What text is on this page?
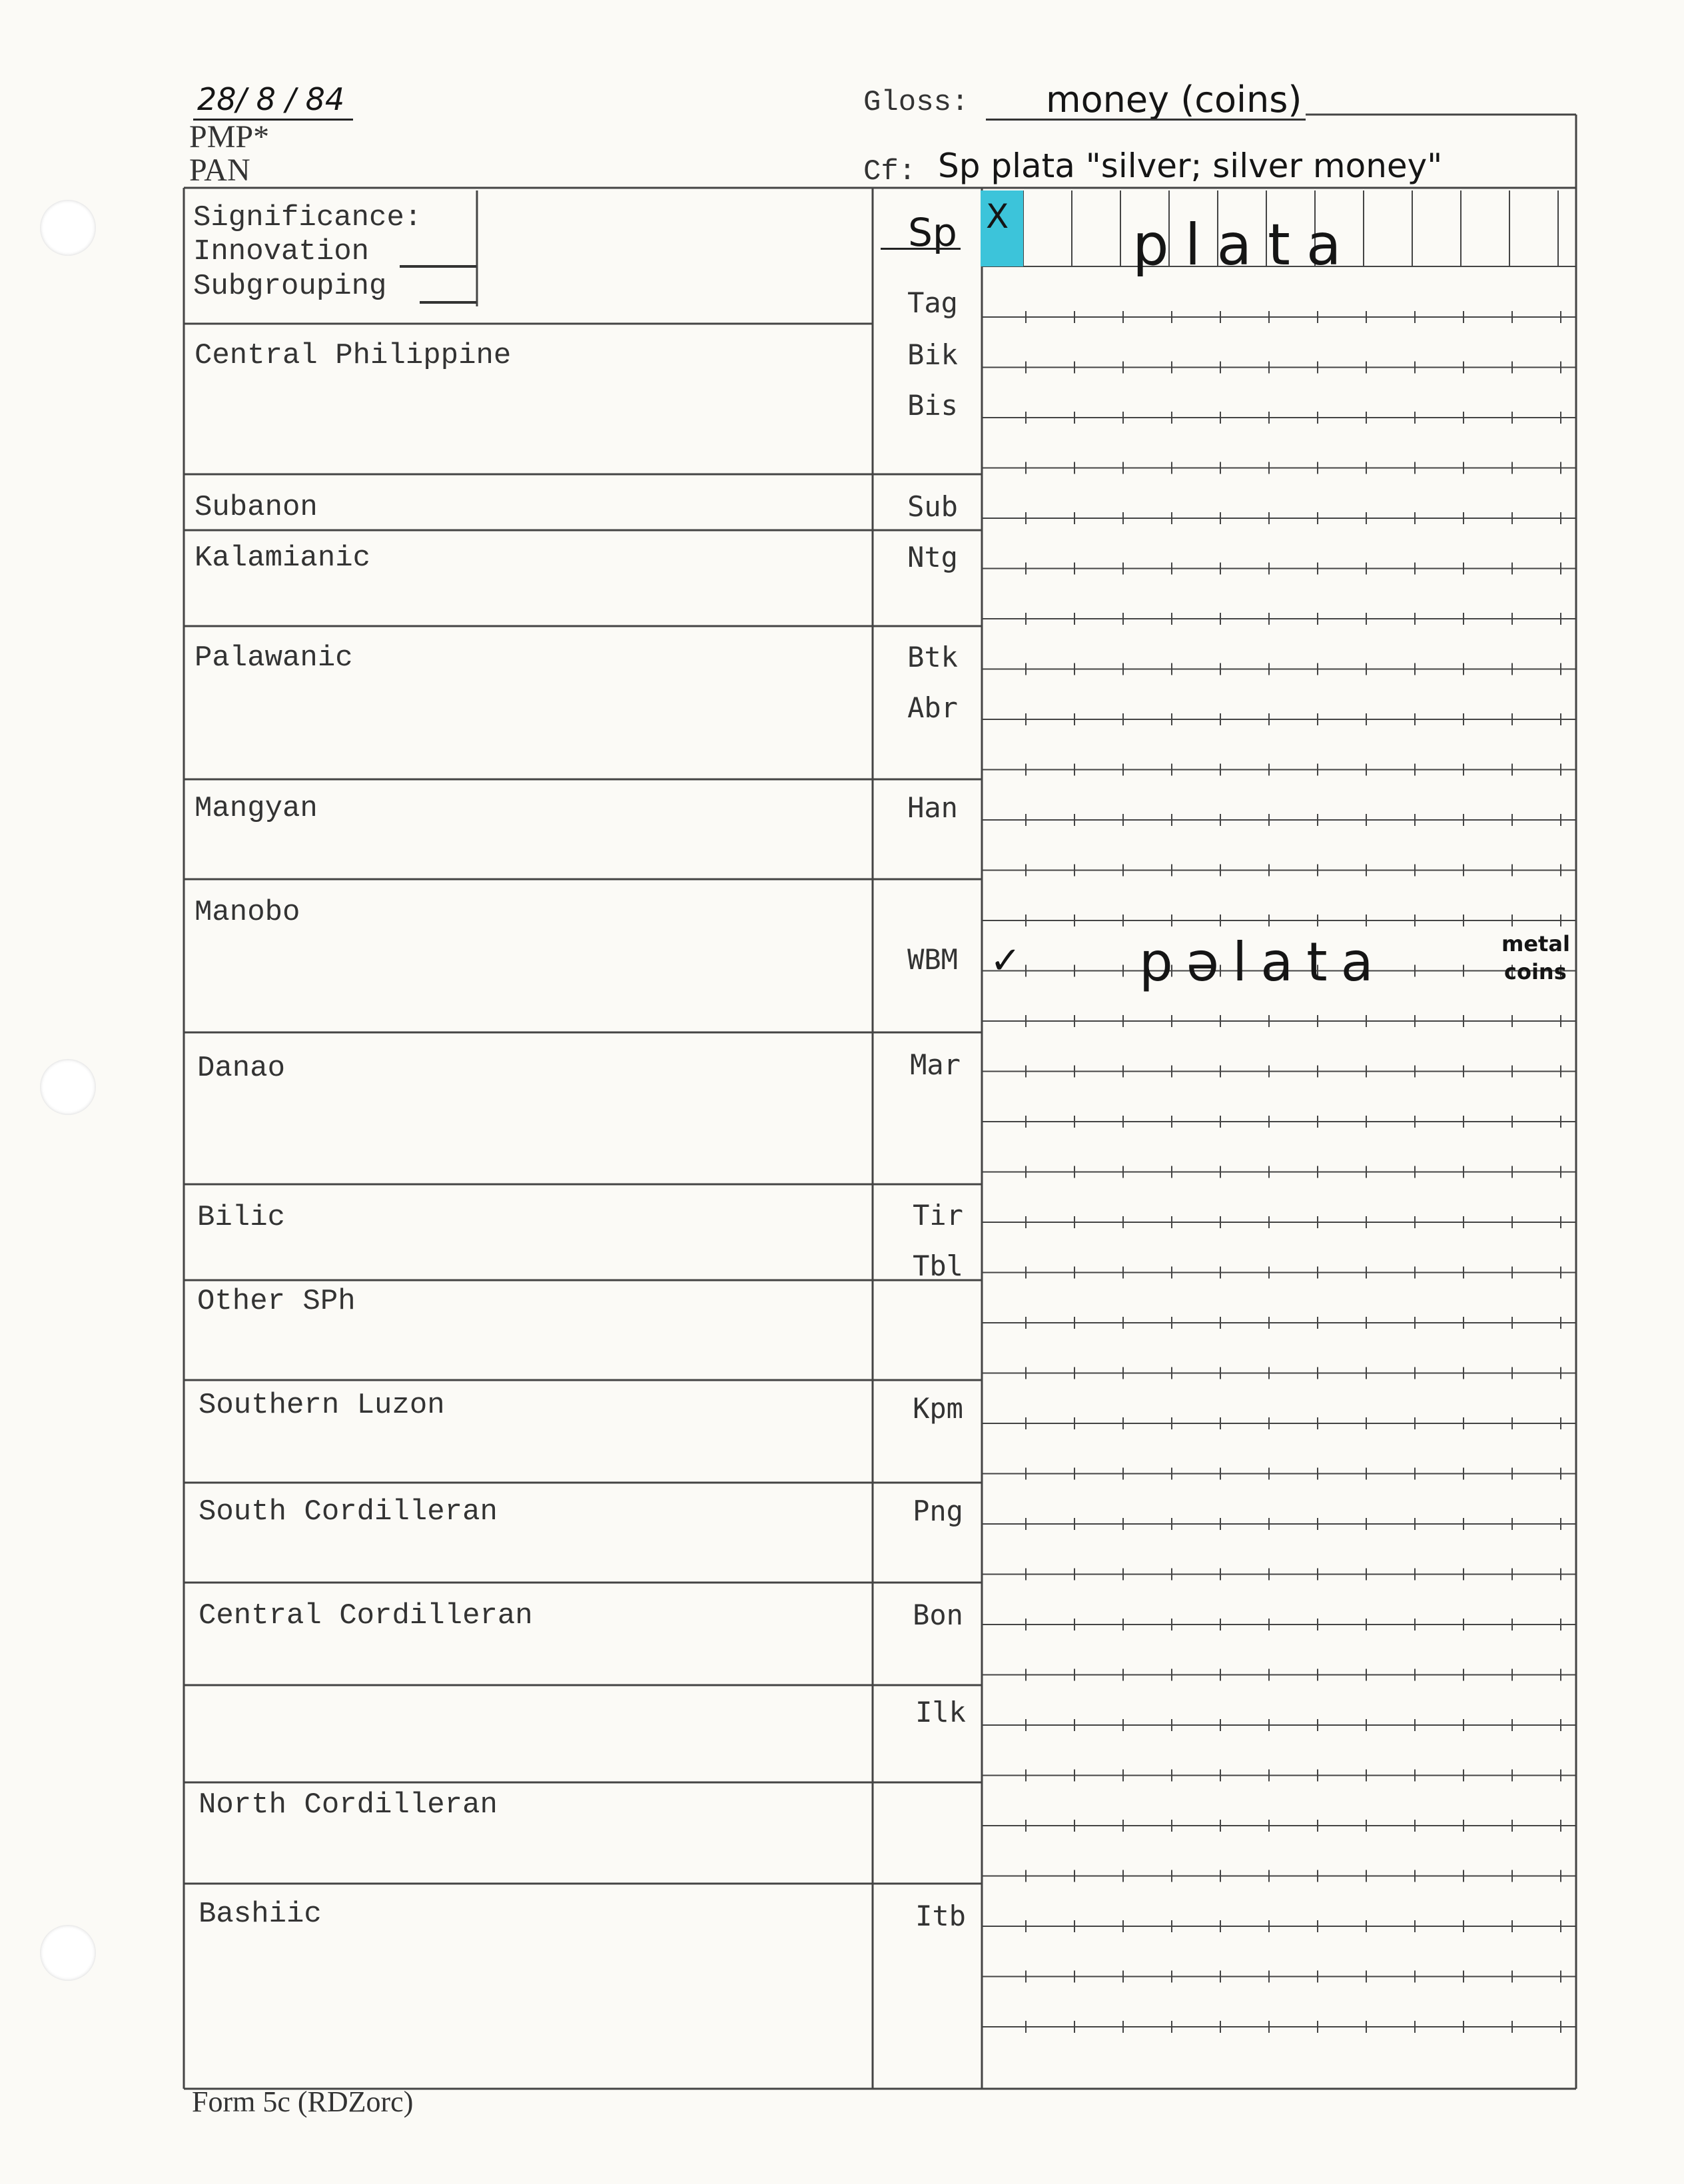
28/ 8 / 84
PMP*
PAN
Gloss: money (coins)
Cf: Sp plata "silver; silver money"
Significance:
Innovation
Subgrouping
Central Philippine
Subanon
Kalamianic
Palawanic
Mangyan
Manobo
Danao
Bilic
Other SPh
Southern Luzon
South Cordilleran
Central Cordilleran
North Cordilleran
Bashiic
Sp
Tag
Bik
Bis
Sub
Ntg
Btk
Abr
Han
WBM
Mar
Tir
Tbl
Kpm
Png
Bon
Ilk
Itb
X plata
✓ pəlata	metal
coins
Form 5c (RDZorc)
